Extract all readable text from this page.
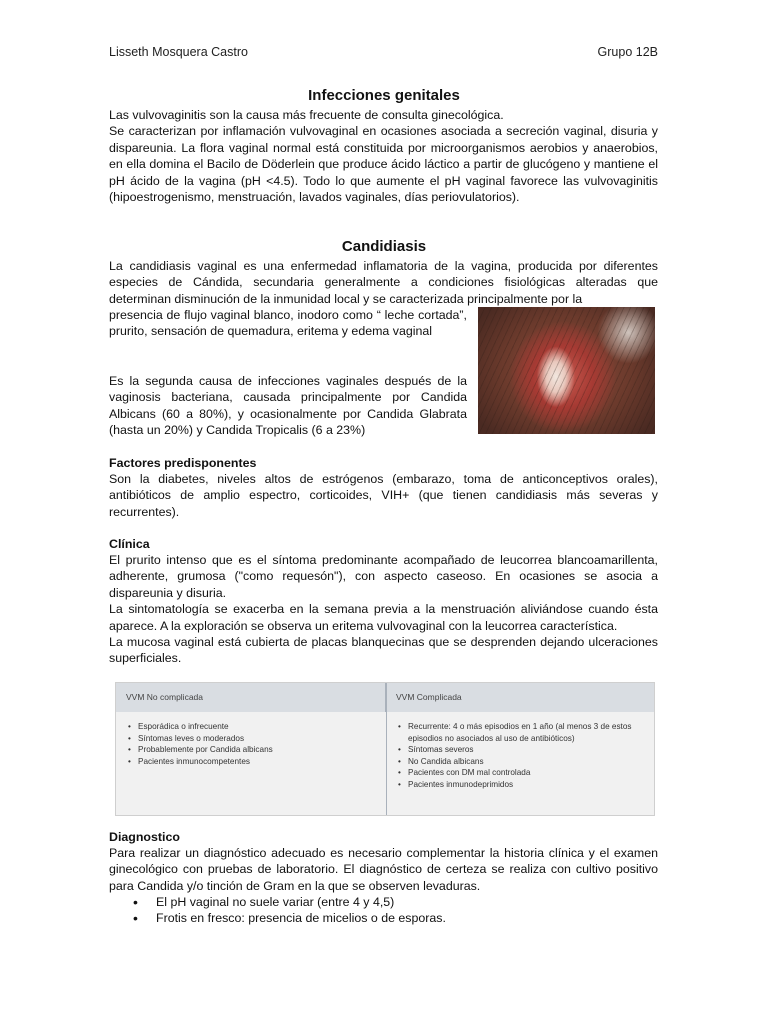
Lisseth Mosquera Castro	Grupo 12B
Infecciones genitales

Las vulvovaginitis son la causa más frecuente de consulta ginecológica.

Se caracterizan por inflamación vulvovaginal en ocasiones asociada a secreción vaginal, disuria y dispareunia. La flora vaginal normal está constituida por microorganismos aerobios y anaerobios, en ella domina el Bacilo de Döderlein que produce ácido láctico a partir de glucógeno y mantiene el pH ácido de la vagina (pH <4.5). Todo lo que aumente el pH vaginal favorece las vulvovaginitis (hipoestrogenismo, menstruación, lavados vaginales, días periovulatorios).

Candidiasis
La candidiasis vaginal es una enfermedad inflamatoria de la vagina, producida por diferentes especies de Cándida, secundaria generalmente a condiciones fisiológicas alteradas que determinan disminución de la inmunidad local y se caracterizada principalmente por la
presencia de flujo vaginal blanco, inodoro como “ leche cortada”, prurito, sensación de quemadura, eritema y edema vaginal
Es la segunda causa de infecciones vaginales después de la vaginosis bacteriana, causada principalmente por Candida Albicans (60 a 80%), y ocasionalmente por Candida Glabrata (hasta un 20%) y Candida Tropicalis (6 a 23%)
Factores predisponentes
Son la diabetes, niveles altos de estrógenos (embarazo, toma de anticonceptivos orales), antibióticos de amplio espectro, corticoides, VIH+ (que tienen candidiasis más severas y recurrentes).
Clínica

El prurito intenso que es el síntoma predominante acompañado de leucorrea blancoamarillenta, adherente, grumosa ("como requesón"), con aspecto caseoso. En ocasiones se asocia a dispareunia y disuria.

La sintomatología se exacerba en la semana previa a la menstruación aliviándose cuando ésta aparece. A la exploración se observa un eritema vulvovaginal con la leucorrea característica.

La mucosa vaginal está cubierta de placas blanquecinas que se desprenden dejando ulceraciones superficiales.

VVM No complicada	VVM Complicada
• Esporádica o infrecuente
• Síntomas leves o moderados
• Probablemente por Candida albicans
• Pacientes inmunocompetentes
• Recurrente: 4 o más episodios en 1 año (al menos 3 de estos episodios no asociados al uso de antibióticos)
• Síntomas severos
• No Candida albicans
• Pacientes con DM mal controlada
• Pacientes inmunodeprimidos
Diagnostico
Para realizar un diagnóstico adecuado es necesario complementar la historia clínica y el examen ginecológico con pruebas de laboratorio. El diagnóstico de certeza se realiza con cultivo positivo para Candida y/o tinción de Gram en la que se observen levaduras.
• El pH vaginal no suele variar (entre 4 y 4,5)
• Frotis en fresco: presencia de micelios o de esporas.
